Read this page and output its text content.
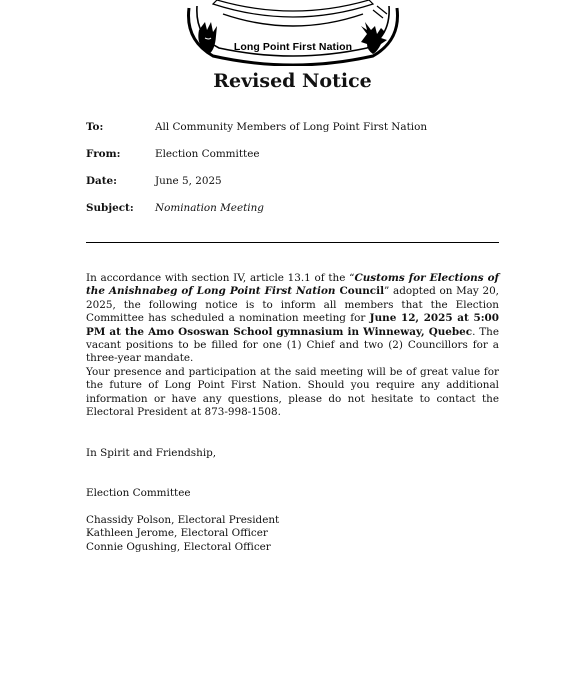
Long Point First Nation
Revised Notice
To:	All Community Members of Long Point First Nation
From:	Election Committee
Date:	June 5, 2025
Subject: Nomination Meeting

In accordance with section IV, article 13.1 of the “Customs for Elections of the Anishnabeg of Long Point First Nation Council” adopted on May 20, 2025, the following notice is to inform all members that the Election Committee has scheduled a nomination meeting for June 12, 2025 at 5:00 PM at the Amo Ososwan School gymnasium in Winneway, Quebec. The vacant positions to be filled for one (1) Chief and two (2) Councillors for a three-year mandate.

Your presence and participation at the said meeting will be of great value for the future of Long Point First Nation. Should you require any additional information or have any questions, please do not hesitate to contact the Electoral President at 873-998-1508.

In Spirit and Friendship,
Election Committee
Chassidy Polson, Electoral President
Kathleen Jerome, Electoral Officer
Connie Ogushing, Electoral Officer
